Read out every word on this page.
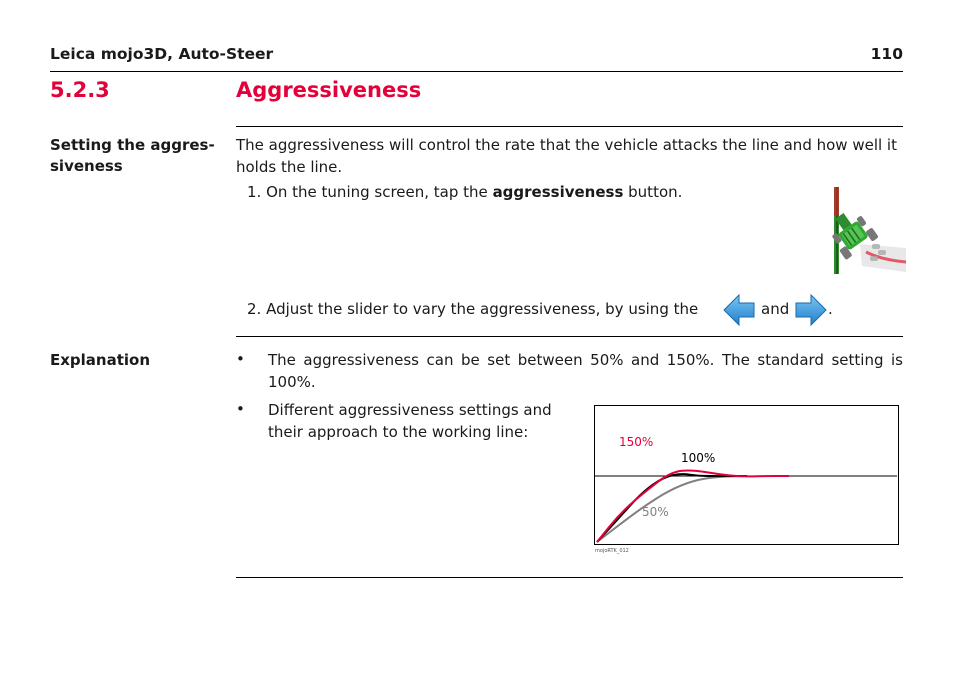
Leica mojo3D, Auto-Steer	110
5.2.3	Aggressiveness
Setting the aggres-siveness
The aggressiveness will control the rate that the vehicle attacks the line and how well it holds the line.
1. On the tuning screen, tap the aggressiveness button.
2. Adjust the slider to vary the aggressiveness, by using the	and	.
Explanation	• The aggressiveness can be set between 50% and 150%. The standard setting is 100%.
• Different aggressiveness settings and their approach to the working line:
150%
100%
50%
mojoRTK_012
